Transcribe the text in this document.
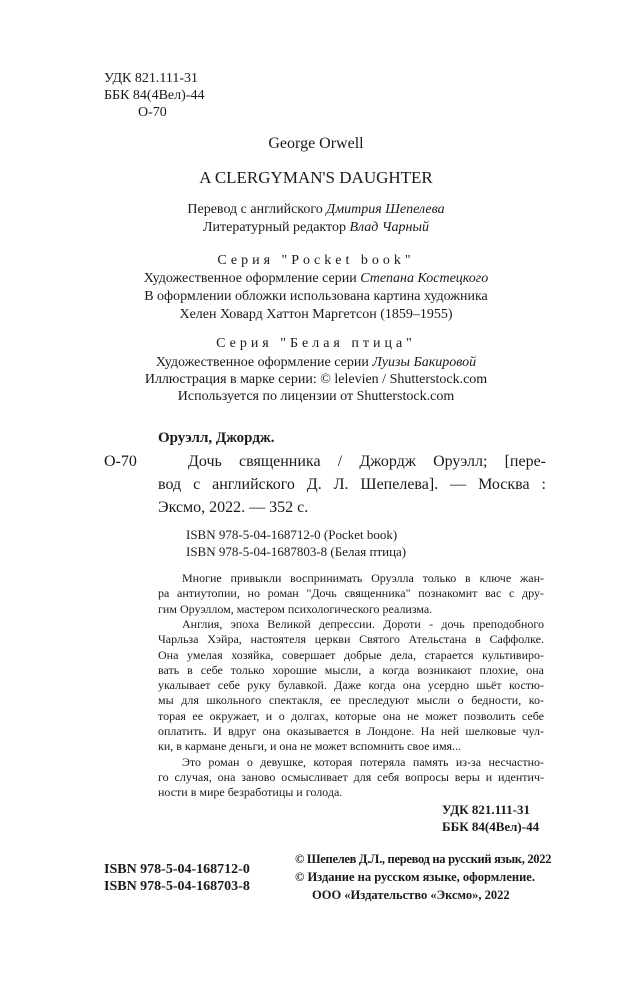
УДК 821.111-31
ББК 84(4Вел)-44
О-70
George Orwell
A CLERGYMAN'S DAUGHTER
Перевод с английского Дмитрия Шепелева
Литературный редактор Влад Чарный
Серия "Pocket book"
Художественное оформление серии Степана Костецкого
В оформлении обложки использована картина художника
Хелен Ховард Хаттон Маргетсон (1859–1955)
Серия "Белая птица"
Художественное оформление серии Луизы Бакировой
Иллюстрация в марке серии: © lelevien / Shutterstock.com
Используется по лицензии от Shutterstock.com
Оруэлл, Джордж.
О-70	Дочь священника / Джордж Оруэлл; [пере-
вод с английского Д. Л. Шепелева]. — Москва :
Эксмо, 2022. — 352 с.
ISBN 978-5-04-168712-0 (Pocket book)
ISBN 978-5-04-1687803-8 (Белая птица)
Многие привыкли воспринимать Оруэлла только в ключе жан-
ра антиутопии, но роман "Дочь священника" познакомит вас с дру-
гим Оруэллом, мастером психологического реализма.
Англия, эпоха Великой депрессии. Дороти - дочь преподобного
Чарльза Хэйра, настоятеля церкви Святого Ательстана в Саффолке.
Она умелая хозяйка, совершает добрые дела, старается культивиро-
вать в себе только хорошие мысли, а когда возникают плохие, она
укалывает себе руку булавкой. Даже когда она усердно шьёт костю-
мы для школьного спектакля, ее преследуют мысли о бедности, ко-
торая ее окружает, и о долгах, которые она не может позволить себе
оплатить. И вдруг она оказывается в Лондоне. На ней шелковые чул-
ки, в кармане деньги, и она не может вспомнить свое имя...
Это роман о девушке, которая потеряла память из-за несчастно-
го случая, она заново осмысливает для себя вопросы веры и идентич-
ности в мире безработицы и голода.
УДК 821.111-31
ББК 84(4Вел)-44
ISBN 978-5-04-168712-0
ISBN 978-5-04-168703-8
© Шепелев Д.Л., перевод на русский язык, 2022
© Издание на русском языке, оформление.
ООО «Издательство «Эксмо», 2022
